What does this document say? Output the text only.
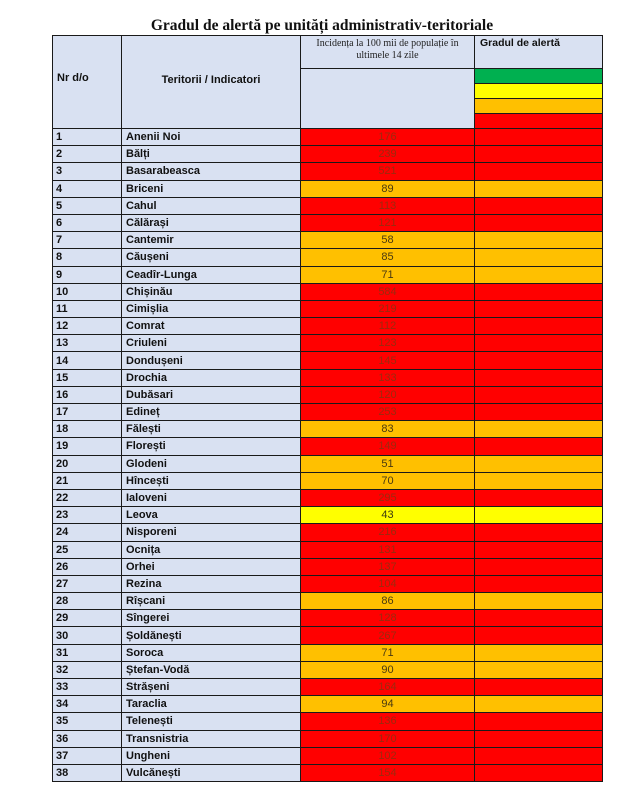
Gradul de alertă pe unități administrativ-teritoriale
Nr d/o	Teritorii / Indicatori	Incidența la 100 mii de populație în ultimele 14 zile	Gradul de alertă

1	Anenii Noi	176	
2	Bălți	239	
3	Basarabeasca	521	
4	Briceni	89	
5	Cahul	113	
6	Călărași	121	
7	Cantemir	58	
8	Căușeni	85	
9	Ceadîr-Lunga	71	
10	Chișinău	584	
11	Cimișlia	219	
12	Comrat	112	
13	Criuleni	123	
14	Dondușeni	145	
15	Drochia	133	
16	Dubăsari	120	
17	Edineț	253	
18	Fălești	83	
19	Florești	149	
20	Glodeni	51	
21	Hîncești	70	
22	Ialoveni	295	
23	Leova	43	
24	Nisporeni	216	
25	Ocnița	131	
26	Orhei	137	
27	Rezina	104	
28	Rîșcani	86	
29	Sîngerei	128	
30	Șoldănești	267	
31	Soroca	71	
32	Ștefan-Vodă	90	
33	Strășeni	164	
34	Taraclia	94	
35	Telenești	136	
36	Transnistria	170	
37	Ungheni	102	
38	Vulcănești	154	
